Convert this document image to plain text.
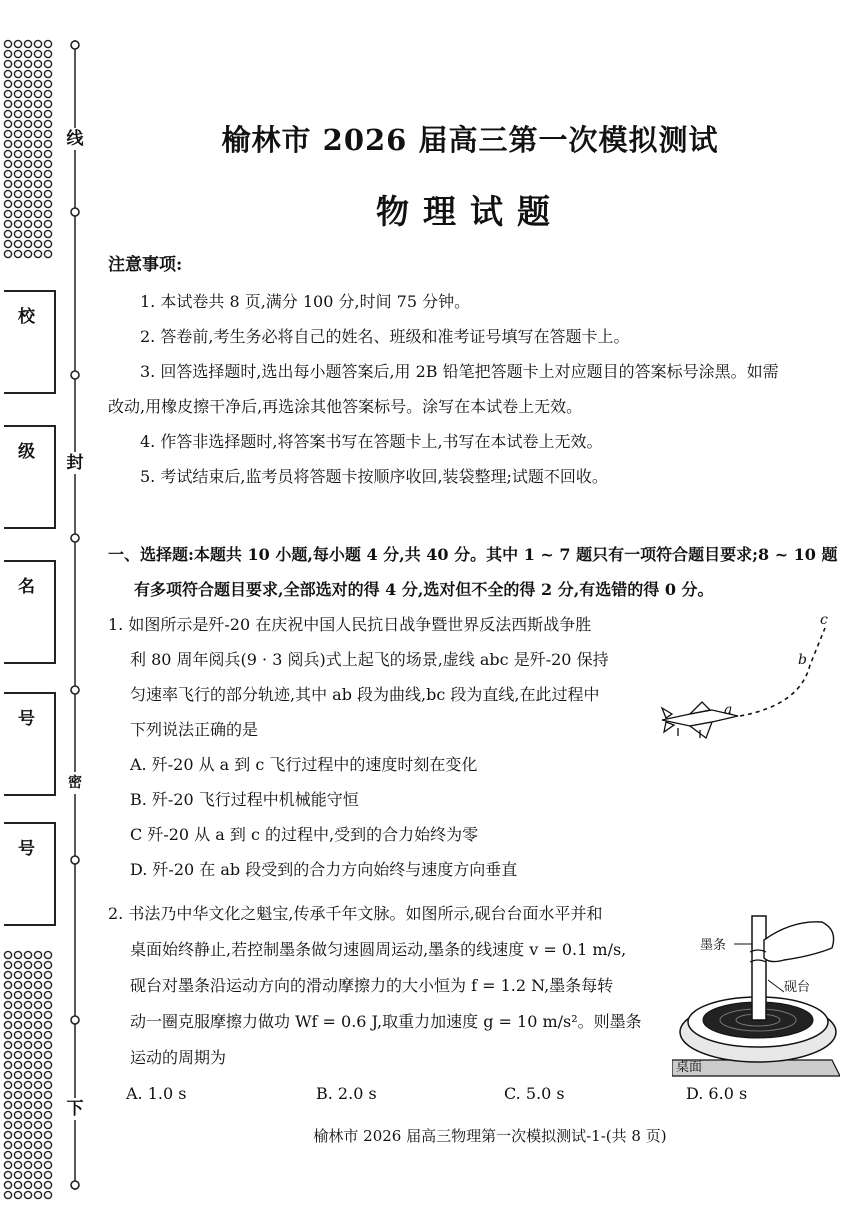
线
封
密
下
校
级
名
号
号
榆林市 2026 届高三第一次模拟测试
物理试题
注意事项:

1. 本试卷共 8 页,满分 100 分,时间 75 分钟。

2. 答卷前,考生务必将自己的姓名、班级和准考证号填写在答题卡上。

3. 回答选择题时,选出每小题答案后,用 2B 铅笔把答题卡上对应题目的答案标号涂黑。如需

改动,用橡皮擦干净后,再选涂其他答案标号。涂写在本试卷上无效。

4. 作答非选择题时,将答案书写在答题卡上,书写在本试卷上无效。

5. 考试结束后,监考员将答题卡按顺序收回,装袋整理;试题不回收。

一、选择题:本题共 10 小题,每小题 4 分,共 40 分。其中 1 ~ 7 题只有一项符合题目要求;8 ~ 10 题
有多项符合题目要求,全部选对的得 4 分,选对但不全的得 2 分,有选错的得 0 分。

1. 如图所示是歼-20 在庆祝中国人民抗日战争暨世界反法西斯战争胜

利 80 周年阅兵(9 · 3 阅兵)式上起飞的场景,虚线 abc 是歼-20 保持

匀速率飞行的部分轨迹,其中 ab 段为曲线,bc 段为直线,在此过程中

下列说法正确的是

A. 歼-20 从 a 到 c 飞行过程中的速度时刻在变化

B. 歼-20 飞行过程中机械能守恒

C 歼-20 从 a 到 c 的过程中,受到的合力始终为零

D. 歼-20 在 ab 段受到的合力方向始终与速度方向垂直

a
b
c

2. 书法乃中华文化之魁宝,传承千年文脉。如图所示,砚台台面水平并和

桌面始终静止,若控制墨条做匀速圆周运动,墨条的线速度 v = 0.1 m/s,

砚台对墨条沿运动方向的滑动摩擦力的大小恒为 f = 1.2 N,墨条每转

动一圈克服摩擦力做功 Wf = 0.6 J,取重力加速度 g = 10 m/s²。则墨条

运动的周期为

墨条
砚台
桌面
A. 1.0 s	B. 2.0 s	C. 5.0 s	D. 6.0 s
榆林市 2026 届高三物理第一次模拟测试-1-(共 8 页)
